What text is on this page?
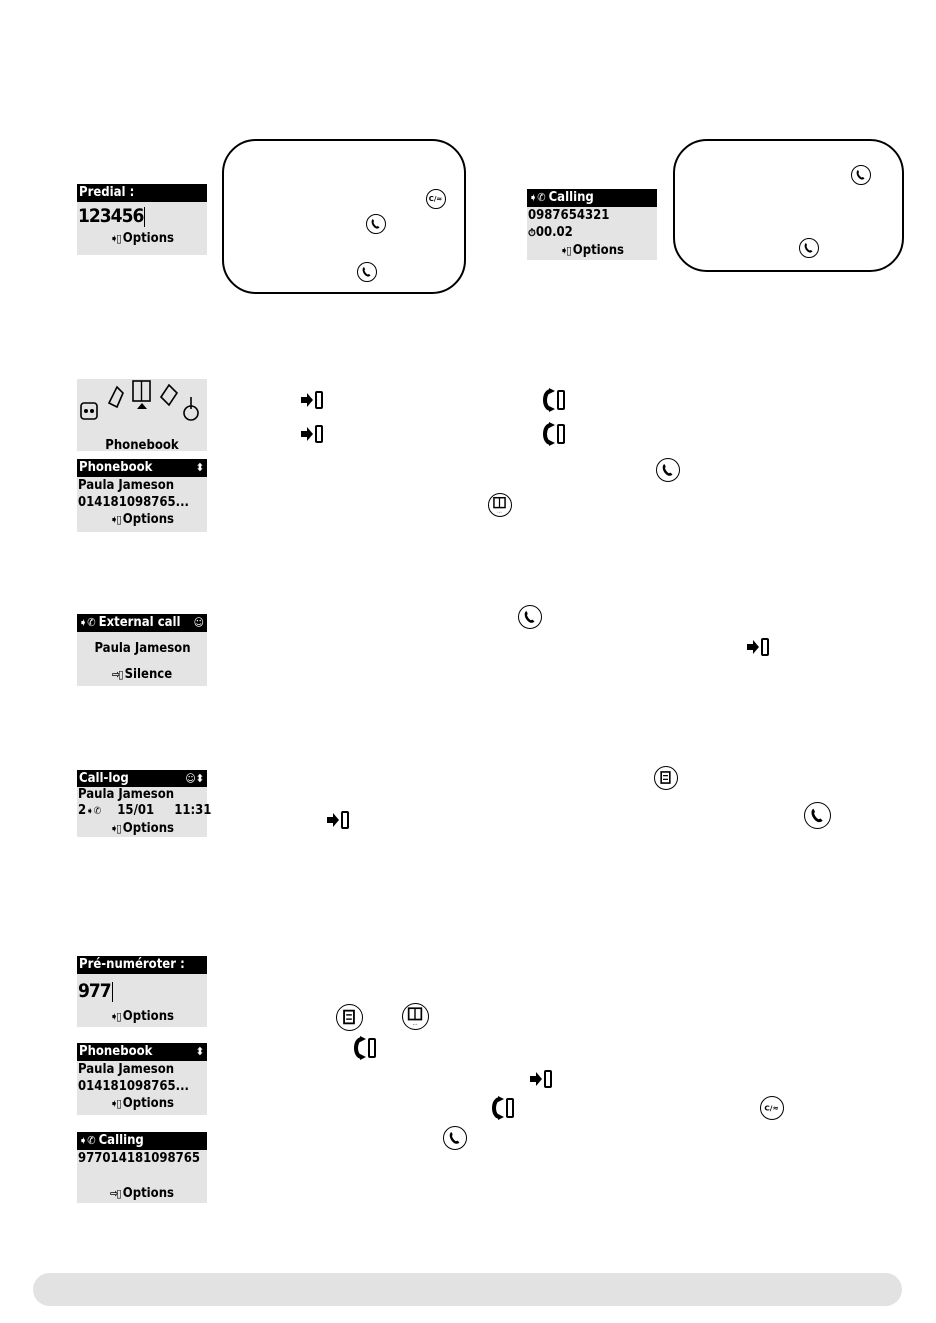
Predial :
123456
➧▯ Options
C/≈	➧✆ Calling
0987654321
⏱00.02
➧▯ Options
Phonebook
Phonebook	⬍
Paula Jameson
014181098765...
➧▯ Options
...
➧✆ External call ☺
Paula Jameson
⇨▯ Silence
Call-log	☺⬍
Paula Jameson
2➧✆ 15/01 11:31
➧▯ Options
Pré-numéroter :
977
➧▯ Options
...
Phonebook	⬍
Paula Jameson
014181098765...
➧▯ Options	C/≈
➧✆ Calling
977014181098765
⇨▯ Options
